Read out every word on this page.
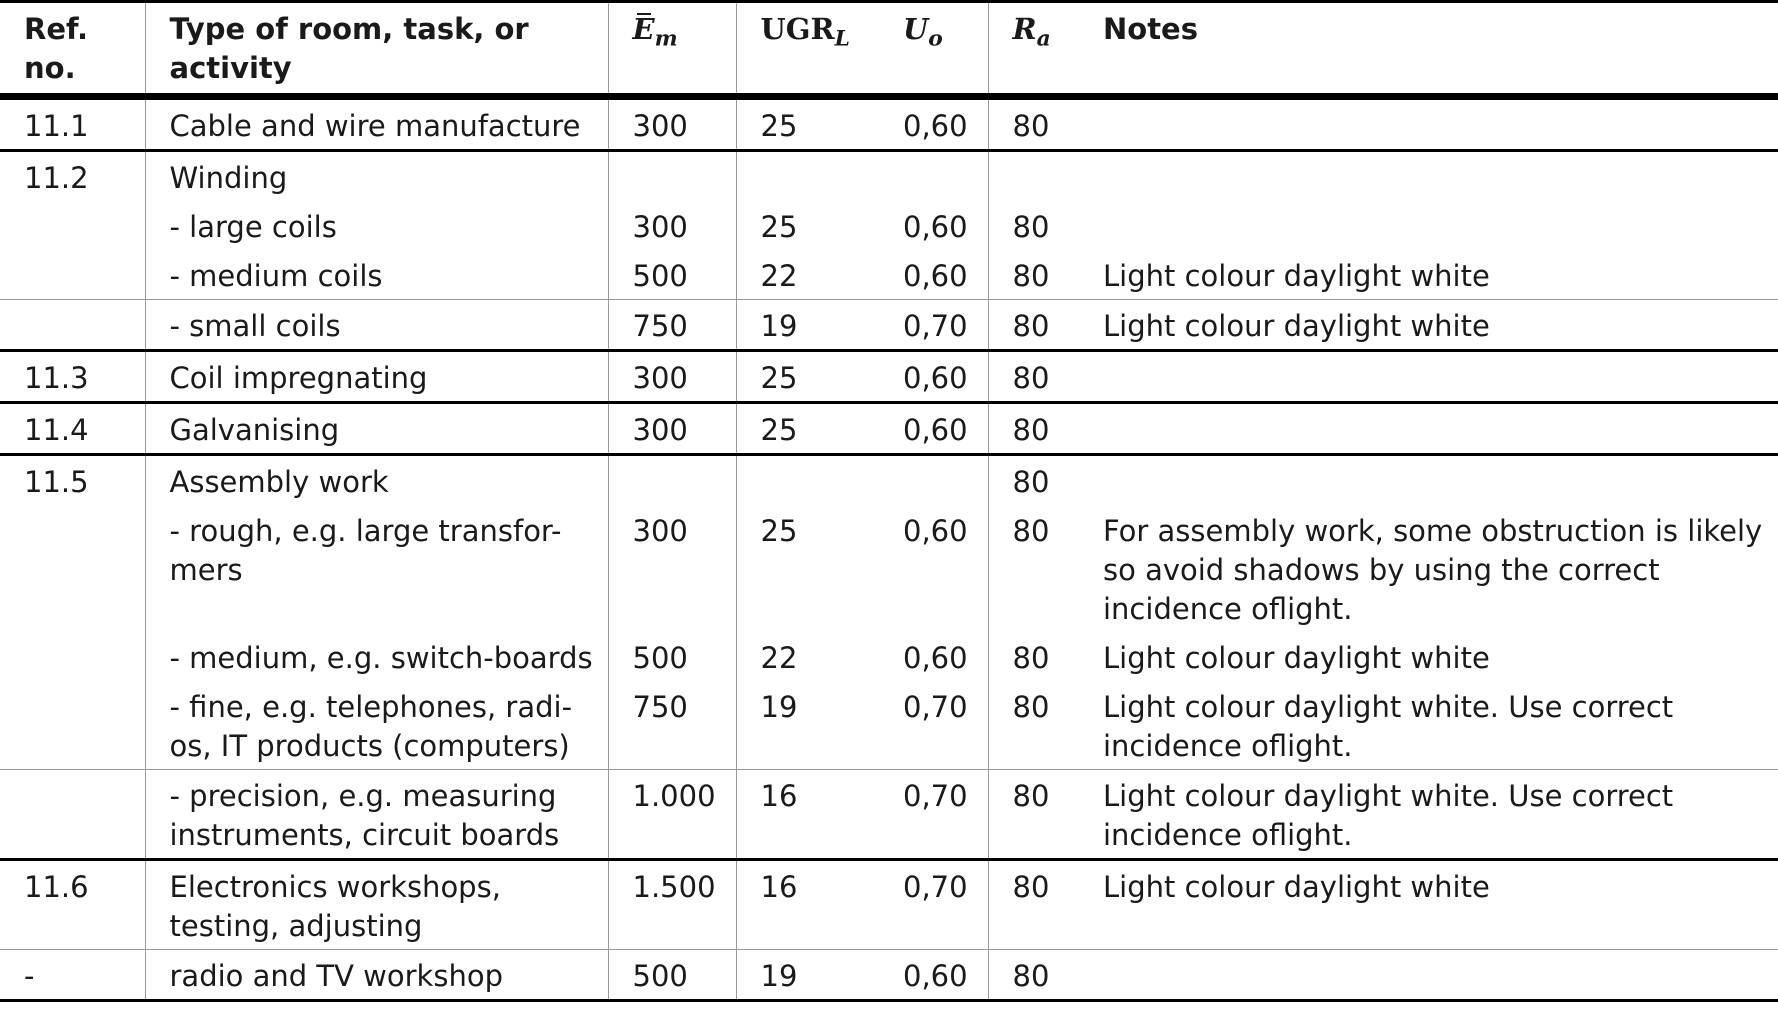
Ref. no.	Type of room, task, or activity	$E_m$	$UGR_L$	$U_o$	$R_a$	Notes
11.1	Cable and wire manufacture	300	25	0,60	80	
11.2	Winding					
	- large coils	300	25	0,60	80	
	- medium coils	500	22	0,60	80	Light colour daylight white
	- small coils	750	19	0,70	80	Light colour daylight white
11.3	Coil impregnating	300	25	0,60	80	
11.4	Galvanising	300	25	0,60	80	
11.5	Assembly work				80	
	- rough, e.g. large transfor-mers	300	25	0,60	80	For assembly work, some obstruction is likely so avoid shadows by using the correct incidence oflight.
	- medium, e.g. switch-boards	500	22	0,60	80	Light colour daylight white
	- fine, e.g. telephones, radi-os, IT products (computers)	750	19	0,70	80	Light colour daylight white. Use correct incidence oflight.
	- precision, e.g. measuring instruments, circuit boards	1.000	16	0,70	80	Light colour daylight white. Use correct incidence oflight.
11.6	Electronics workshops, testing, adjusting	1.500	16	0,70	80	Light colour daylight white
-	radio and TV workshop	500	19	0,60	80	
